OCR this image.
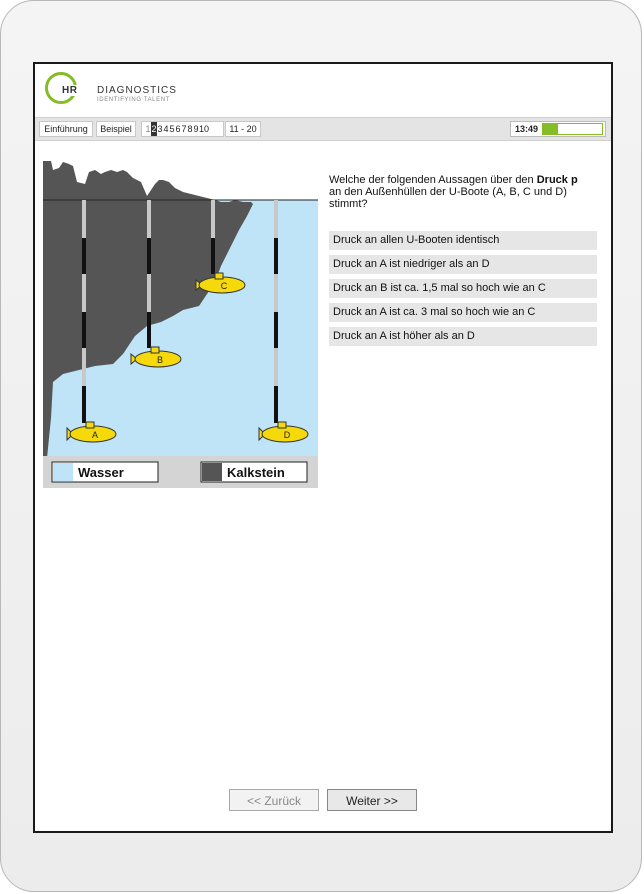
HR DIAGNOSTICS
IDENTIFYING TALENT
Einführung	Beispiel	12345678910	11 - 20	13:49
A
B
C
D
Wasser	Kalkstein
Welche der folgenden Aussagen über den Druck p
an den Außenhüllen der U-Boote (A, B, C und D) stimmt?
Druck an allen U-Booten identisch
Druck an A ist niedriger als an D
Druck an B ist ca. 1,5 mal so hoch wie an C
Druck an A ist ca. 3 mal so hoch wie an C
Druck an A ist höher als an D
<< Zurück	Weiter >>
